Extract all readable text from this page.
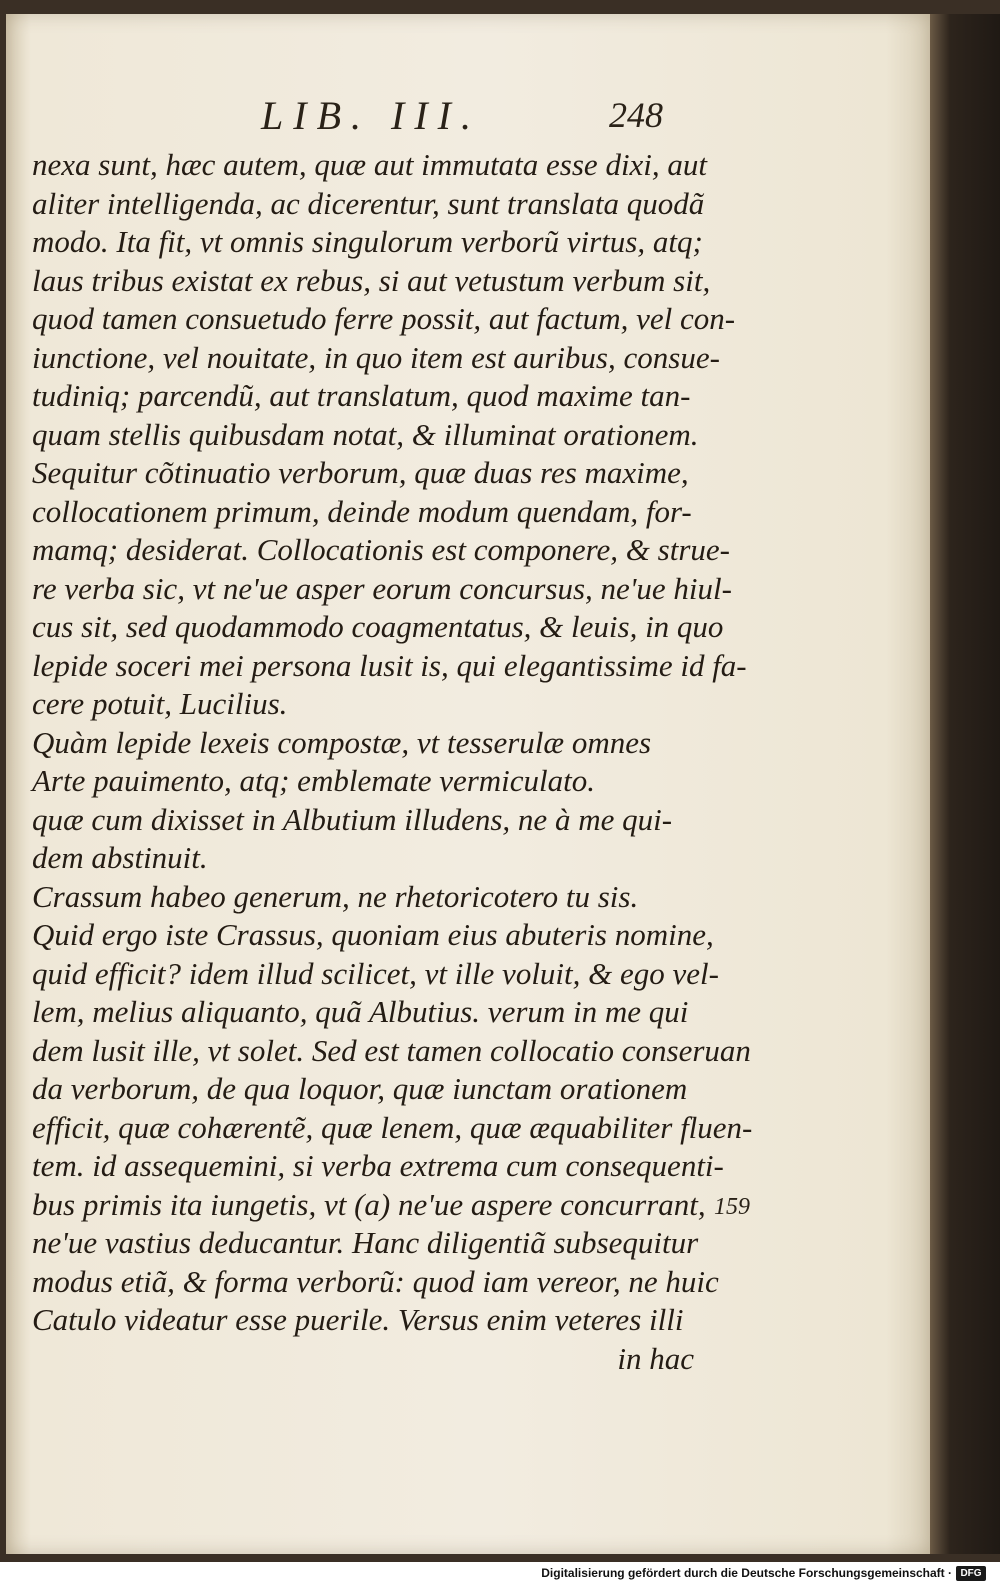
LIB. III.	248
nexa sunt, hæc autem, quæ aut immutata esse dixi, aut
aliter intelligenda, ac dicerentur, sunt translata quodã
modo. Ita fit, vt omnis singulorum verborũ virtus, atq;
laus tribus existat ex rebus, si aut vetustum verbum sit,
quod tamen consuetudo ferre possit, aut factum, vel con-
iunctione, vel nouitate, in quo item est auribus, consue-
tudiniq; parcendũ, aut translatum, quod maxime tan-
quam stellis quibusdam notat, & illuminat orationem.
Sequitur cõtinuatio verborum, quæ duas res maxime,
collocationem primum, deinde modum quendam, for-
mamq; desiderat. Collocationis est componere, & strue-
re verba sic, vt ne'ue asper eorum concursus, ne'ue hiul-
cus sit, sed quodammodo coagmentatus, & leuis, in quo
lepide soceri mei persona lusit is, qui elegantissime id fa-
cere potuit, Lucilius.
Quàm lepide lexeis compostæ, vt tesserulæ omnes
Arte pauimento, atq; emblemate vermiculato.
quæ cum dixisset in Albutium illudens, ne à me qui-
dem abstinuit.
Crassum habeo generum, ne rhetoricotero tu sis.
Quid ergo iste Crassus, quoniam eius abuteris nomine,
quid efficit? idem illud scilicet, vt ille voluit, & ego vel-
lem, melius aliquanto, quã Albutius. verum in me qui
dem lusit ille, vt solet. Sed est tamen collocatio conseruan
da verborum, de qua loquor, quæ iunctam orationem
efficit, quæ cohærentẽ, quæ lenem, quæ æquabiliter fluen-
tem. id assequemini, si verba extrema cum consequenti-
bus primis ita iungetis, vt (a) ne'ue aspere concurrant,
ne'ue vastius deducantur. Hanc diligentiã subsequitur
modus etiã, & forma verborũ: quod iam vereor, ne huic
Catulo videatur esse puerile. Versus enim veteres illi
in hac
159
Digitalisierung gefördert durch die Deutsche Forschungsgemeinschaft · DFG
